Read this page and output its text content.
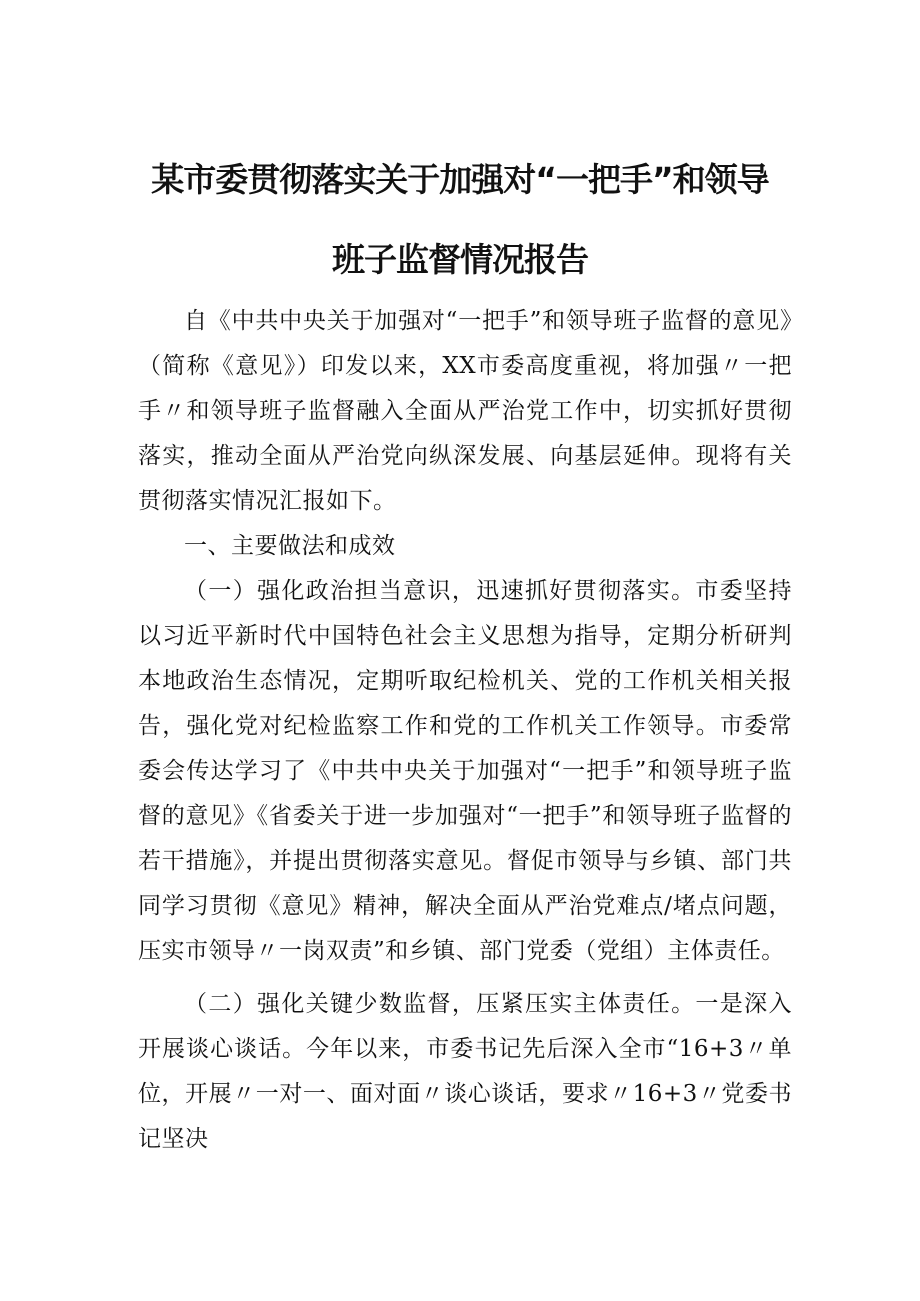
某市委贯彻落实关于加强对“一把手”和领导
班子监督情况报告

自《中共中央关于加强对“一把手”和领导班子监督的意见》（简称《意见》）印发以来，XX市委高度重视，将加强〃一把手〃和领导班子监督融入全面从严治党工作中，切实抓好贯彻落实，推动全面从严治党向纵深发展、向基层延伸。现将有关贯彻落实情况汇报如下。

一、主要做法和成效

（一）强化政治担当意识，迅速抓好贯彻落实。市委坚持以习近平新时代中国特色社会主义思想为指导，定期分析研判本地政治生态情况，定期听取纪检机关、党的工作机关相关报告，强化党对纪检监察工作和党的工作机关工作领导。市委常委会传达学习了《中共中央关于加强对“一把手”和领导班子监督的意见》《省委关于进一步加强对“一把手”和领导班子监督的若干措施》，并提出贯彻落实意见。督促市领导与乡镇、部门共同学习贯彻《意见》精神，解决全面从严治党难点/堵点问题，压实市领导〃一岗双责”和乡镇、部门党委（党组）主体责任。

（二）强化关键少数监督，压紧压实主体责任。一是深入开展谈心谈话。今年以来，市委书记先后深入全市“16+3〃单位，开展〃一对一、面对面〃谈心谈话，要求〃16+3〃党委书记坚决
